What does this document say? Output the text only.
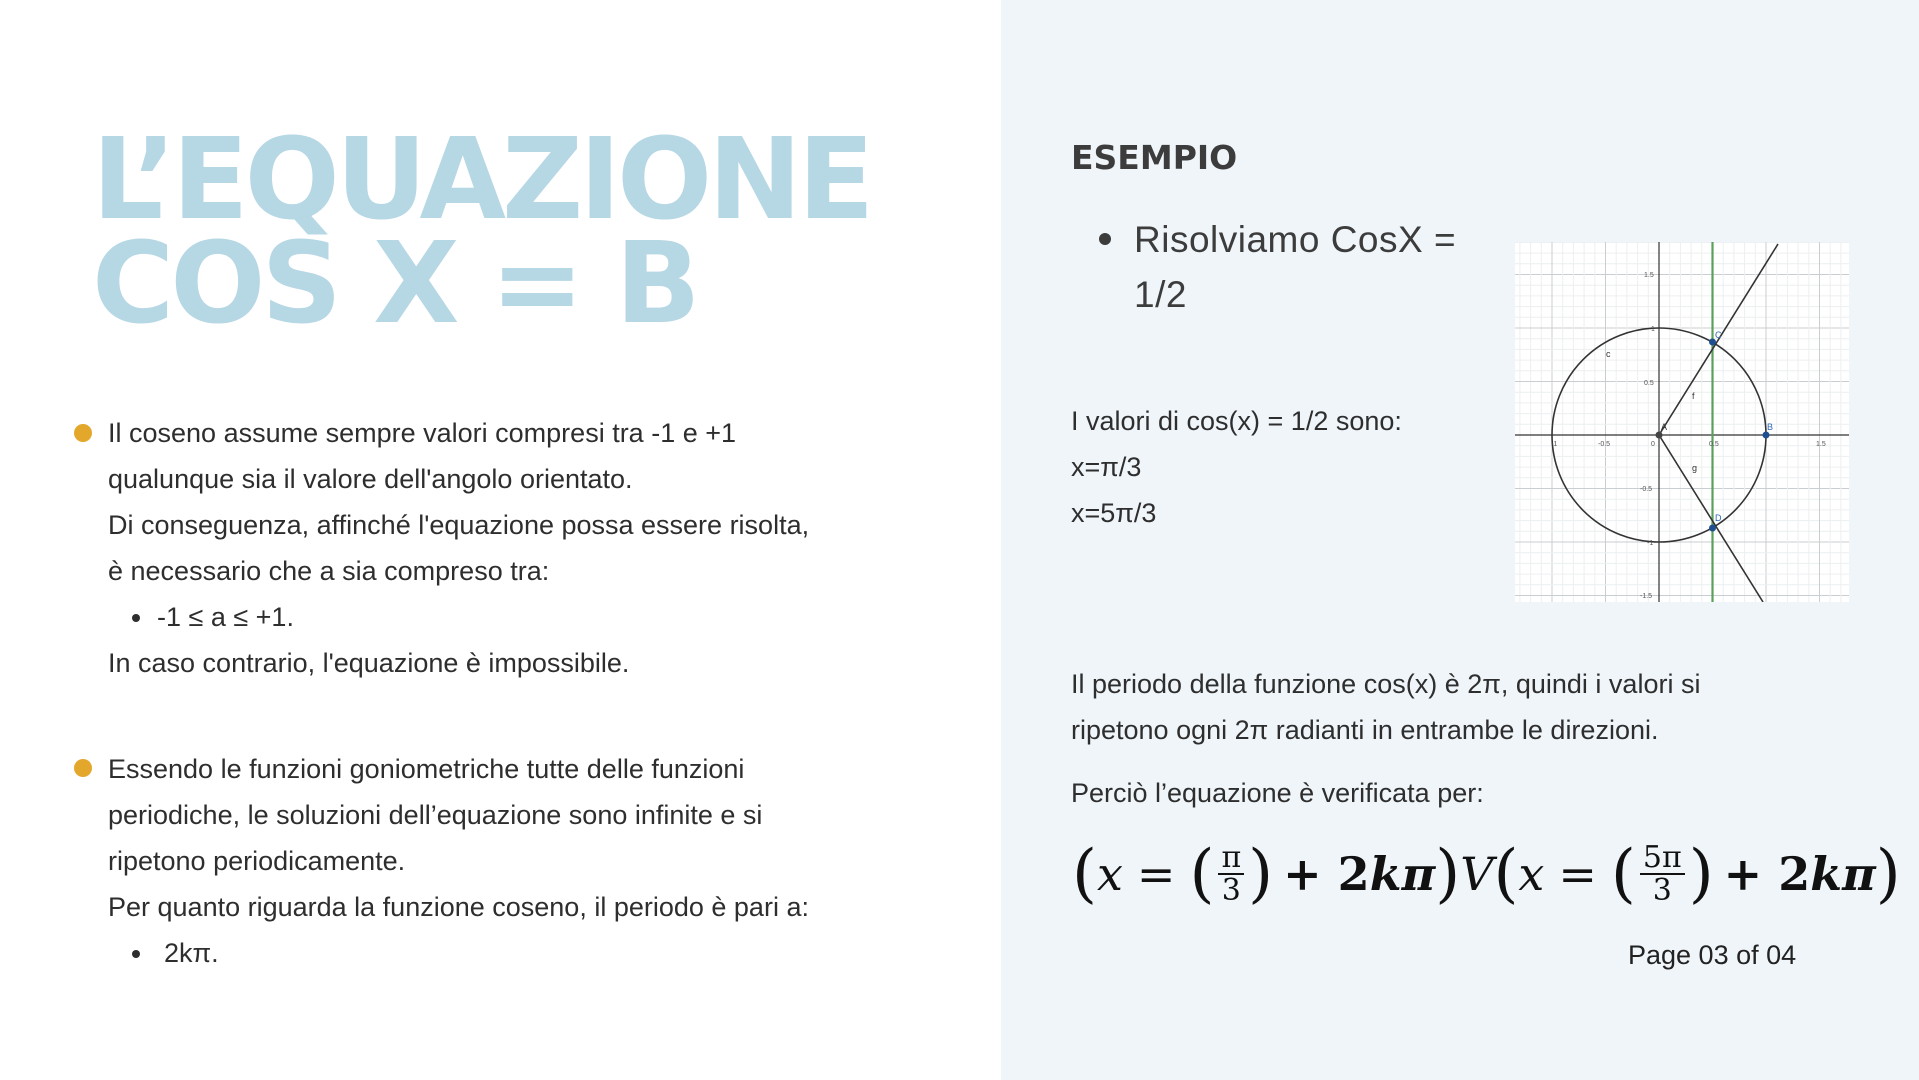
L’EQUAZIONE
COS X = B
Il coseno assume sempre valori compresi tra -1 e +1
qualunque sia il valore dell'angolo orientato.
Di conseguenza, affinché l'equazione possa essere risolta,
è necessario che a sia compreso tra:
-1 ≤ a ≤ +1.
In caso contrario, l'equazione è impossibile.
Essendo le funzioni goniometriche tutte delle funzioni
periodiche, le soluzioni dell’equazione sono infinite e si
ripetono periodicamente.
Per quanto riguarda la funzione coseno, il periodo è pari a:
2kπ.
ESEMPIO
Risolviamo CosX =
1/2
I valori di cos(x) = 1/2 sono:
x=π/3
x=5π/3
-1	-0.5	0	0.5	1.5
1.5
1
0.5
-0.5
-1
-1.5
c
f
g
A
C
B
D
Il periodo della funzione cos(x) è 2π, quindi i valori si
ripetono ogni 2π radianti in entrambe le direzioni.
Perciò l’equazione è verificata per:
( x = ( $\frac{\pi}{3}$ ) + 2 kπ ) V ( x = ( $\frac{5\pi}{3}$ ) + 2 kπ )
Page 03 of 04
